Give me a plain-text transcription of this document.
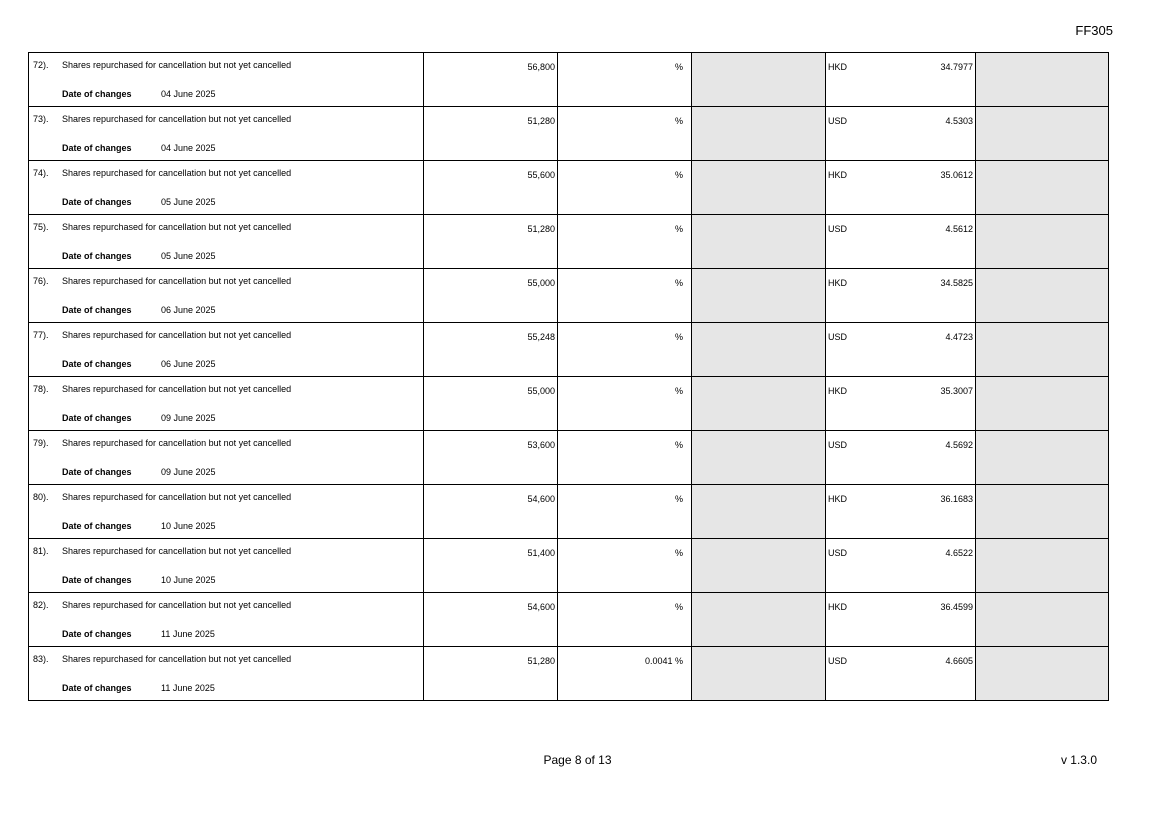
FF305
72). Shares repurchased for cancellation but not yet cancelled
Date of changes 04 June 2025	56,800	%		HKD 34.7977	

73). Shares repurchased for cancellation but not yet cancelled
Date of changes 04 June 2025	51,280	%		USD 4.5303	

74). Shares repurchased for cancellation but not yet cancelled
Date of changes 05 June 2025	55,600	%		HKD 35.0612	

75). Shares repurchased for cancellation but not yet cancelled
Date of changes 05 June 2025	51,280	%		USD 4.5612	

76). Shares repurchased for cancellation but not yet cancelled
Date of changes 06 June 2025	55,000	%		HKD 34.5825	

77). Shares repurchased for cancellation but not yet cancelled
Date of changes 06 June 2025	55,248	%		USD 4.4723	

78). Shares repurchased for cancellation but not yet cancelled
Date of changes 09 June 2025	55,000	%		HKD 35.3007	

79). Shares repurchased for cancellation but not yet cancelled
Date of changes 09 June 2025	53,600	%		USD 4.5692	

80). Shares repurchased for cancellation but not yet cancelled
Date of changes 10 June 2025	54,600	%		HKD 36.1683	

81). Shares repurchased for cancellation but not yet cancelled
Date of changes 10 June 2025	51,400	%		USD 4.6522	

82). Shares repurchased for cancellation but not yet cancelled
Date of changes 11 June 2025	54,600	%		HKD 36.4599	

83). Shares repurchased for cancellation but not yet cancelled
Date of changes 11 June 2025	51,280	0.0041 %		USD 4.6605	

Page 8 of 13	v 1.3.0
